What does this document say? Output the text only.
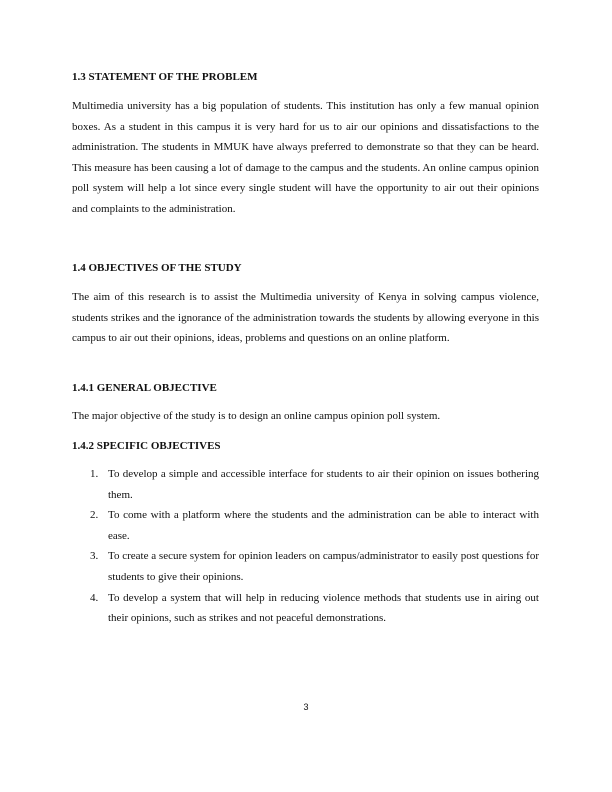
1.3 STATEMENT OF THE PROBLEM

Multimedia university has a big population of students. This institution has only a few manual opinion boxes. As a student in this campus it is very hard for us to air our opinions and dissatisfactions to the administration. The students in MMUK have always preferred to demonstrate so that they can be heard. This measure has been causing a lot of damage to the campus and the students. An online campus opinion poll system will help a lot since every single student will have the opportunity to air out their opinions and complaints to the administration.

1.4 OBJECTIVES OF THE STUDY

The aim of this research is to assist the Multimedia university of Kenya in solving campus violence, students strikes and the ignorance of the administration towards the students by allowing everyone in this campus to air out their opinions, ideas, problems and questions on an online platform.

1.4.1 GENERAL OBJECTIVE

The major objective of the study is to design an online campus opinion poll system.

1.4.2 SPECIFIC OBJECTIVES
1. To develop a simple and accessible interface for students to air their opinion on issues bothering them.
2. To come with a platform where the students and the administration can be able to interact with ease.
3. To create a secure system for opinion leaders on campus/administrator to easily post questions for students to give their opinions.
4. To develop a system that will help in reducing violence methods that students use in airing out their opinions, such as strikes and not peaceful demonstrations.
3
